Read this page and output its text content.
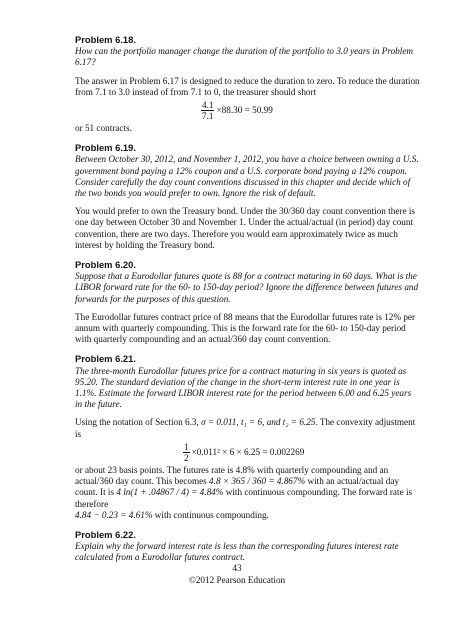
Problem 6.18.
How can the portfolio manager change the duration of the portfolio to 3.0 years in Problem 6.17?
The answer in Problem 6.17 is designed to reduce the duration to zero. To reduce the duration from 7.1 to 3.0 instead of from 7.1 to 0, the treasurer should short
$\frac{4.1}{7.1} \times 88.30 = 50.99$
or 51 contracts.
Problem 6.19.
Between October 30, 2012, and November 1, 2012, you have a choice between owning a U.S. government bond paying a 12% coupon and a U.S. corporate bond paying a 12% coupon. Consider carefully the day count conventions discussed in this chapter and decide which of the two bonds you would prefer to own. Ignore the risk of default.
You would prefer to own the Treasury bond. Under the 30/360 day count convention there is one day between October 30 and November 1. Under the actual/actual (in period) day count convention, there are two days. Therefore you would earn approximately twice as much interest by holding the Treasury bond.
Problem 6.20.
Suppose that a Eurodollar futures quote is 88 for a contract maturing in 60 days. What is the LIBOR forward rate for the 60- to 150-day period? Ignore the difference between futures and forwards for the purposes of this question.
The Eurodollar futures contract price of 88 means that the Eurodollar futures rate is 12% per annum with quarterly compounding. This is the forward rate for the 60- to 150-day period with quarterly compounding and an actual/360 day count convention.
Problem 6.21.
The three-month Eurodollar futures price for a contract maturing in six years is quoted as 95.20. The standard deviation of the change in the short-term interest rate in one year is 1.1%. Estimate the forward LIBOR interest rate for the period between 6.00 and 6.25 years in the future.
Using the notation of Section 6.3, σ = 0.011, t₁ = 6, and t₂ = 6.25. The convexity adjustment is
$\frac{1}{2} \times 0.011^2 \times 6 \times 6.25 = 0.002269$
or about 23 basis points. The futures rate is 4.8% with quarterly compounding and an actual/360 day count. This becomes 4.8 × 365 / 360 = 4.867% with an actual/actual day count. It is 4 ln(1 + .04867 / 4) = 4.84% with continuous compounding. The forward rate is therefore
4.84 − 0.23 = 4.61% with continuous compounding.
Problem 6.22.
Explain why the forward interest rate is less than the corresponding futures interest rate calculated from a Eurodollar futures contract.
43
©2012 Pearson Education
